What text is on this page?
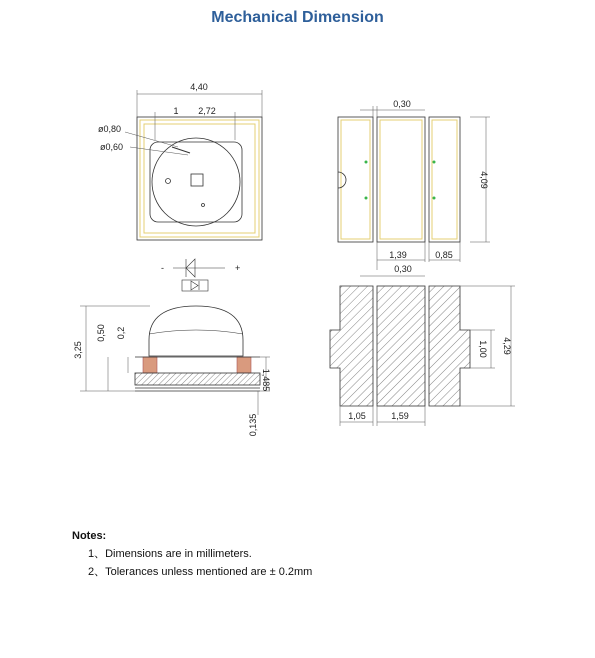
Mechanical Dimension
4,40
1 2,72
ø0,80
ø0,60
-	+
0,30
4,09
1,39
0,30
0,85
3,25
0,50 0,2
1,485
0,135
1,00 4,29
1,05	1,59
Notes:
1、Dimensions are in millimeters.
2、Tolerances unless mentioned are ± 0.2mm
